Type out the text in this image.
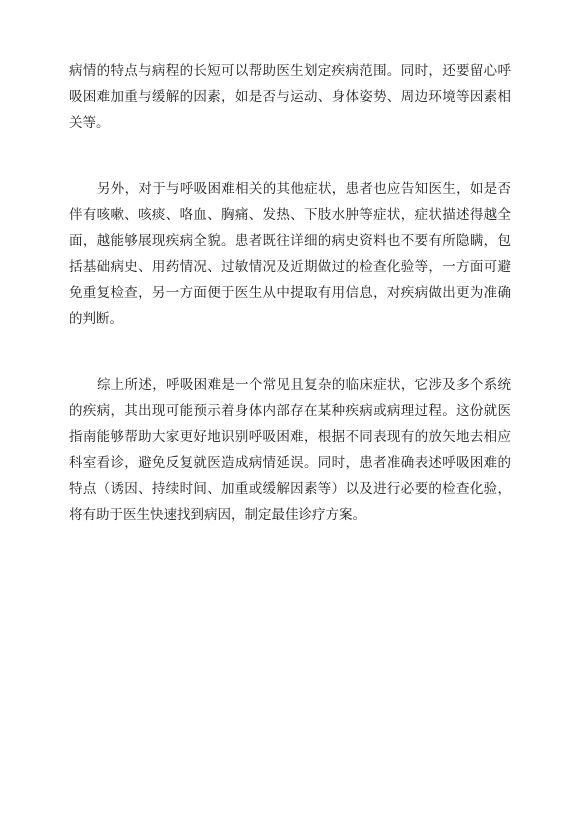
病情的特点与病程的长短可以帮助医生划定疾病范围。同时，还要留心呼
吸困难加重与缓解的因素，如是否与运动、身体姿势、周边环境等因素相
关等。
另外，对于与呼吸困难相关的其他症状，患者也应告知医生，如是否
伴有咳嗽、咳痰、咯血、胸痛、发热、下肢水肿等症状，症状描述得越全
面，越能够展现疾病全貌。患者既往详细的病史资料也不要有所隐瞒，包
括基础病史、用药情况、过敏情况及近期做过的检查化验等，一方面可避
免重复检查，另一方面便于医生从中提取有用信息，对疾病做出更为准确
的判断。
综上所述，呼吸困难是一个常见且复杂的临床症状，它涉及多个系统
的疾病，其出现可能预示着身体内部存在某种疾病或病理过程。这份就医
指南能够帮助大家更好地识别呼吸困难，根据不同表现有的放矢地去相应
科室看诊，避免反复就医造成病情延误。同时，患者准确表述呼吸困难的
特点（诱因、持续时间、加重或缓解因素等）以及进行必要的检查化验，
将有助于医生快速找到病因，制定最佳诊疗方案。
